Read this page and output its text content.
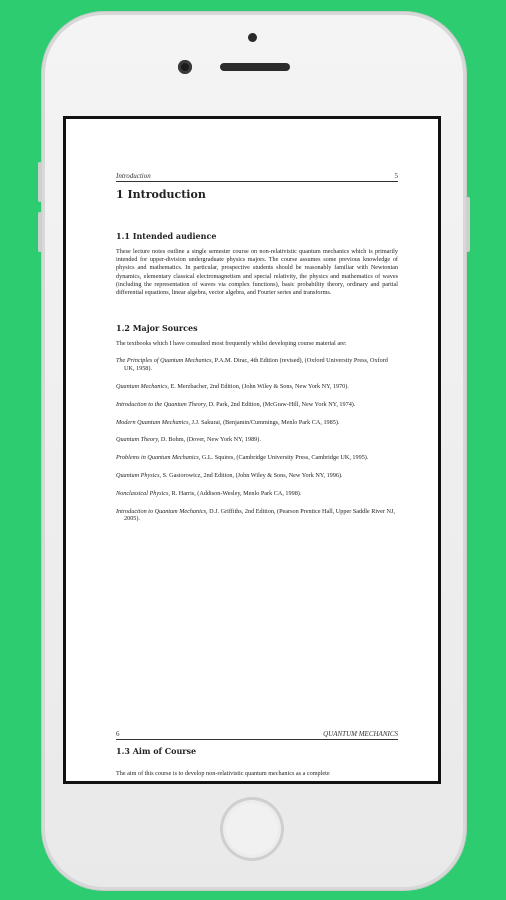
Introduction	5
1 Introduction
1.1 Intended audience
These lecture notes outline a single semester course on non-relativistic quantum mechanics which is primarily intended for upper-division undergraduate physics majors. The course assumes some previous knowledge of physics and mathematics. In particular, prospective students should be reasonably familiar with Newtonian dynamics, elementary classical electromagnetism and special relativity, the physics and mathematics of waves (including the representation of waves via complex functions), basic probability theory, ordinary and partial differential equations, linear algebra, vector algebra, and Fourier series and transforms.
1.2 Major Sources
The textbooks which I have consulted most frequently whilst developing course material are:
The Principles of Quantum Mechanics, P.A.M. Dirac, 4th Edition (revised), (Oxford University Press, Oxford UK, 1958).
Quantum Mechanics, E. Merzbacher, 2nd Edition, (John Wiley & Sons, New York NY, 1970).
Introduction to the Quantum Theory, D. Park, 2nd Edition, (McGraw-Hill, New York NY, 1974).
Modern Quantum Mechanics, J.J. Sakurai, (Benjamin/Cummings, Menlo Park CA, 1985).
Quantum Theory, D. Bohm, (Dover, New York NY, 1989).
Problems in Quantum Mechanics, G.L. Squires, (Cambridge University Press, Cambridge UK, 1995).
Quantum Physics, S. Gasiorowicz, 2nd Edition, (John Wiley & Sons, New York NY, 1996).
Nonclassical Physics, R. Harris, (Addison-Wesley, Menlo Park CA, 1998).
Introduction to Quantum Mechanics, D.J. Griffiths, 2nd Edition, (Pearson Prentice Hall, Upper Saddle River NJ, 2005).
6	QUANTUM MECHANICS
1.3 Aim of Course
The aim of this course is to develop non-relativistic quantum mechanics as a complete
